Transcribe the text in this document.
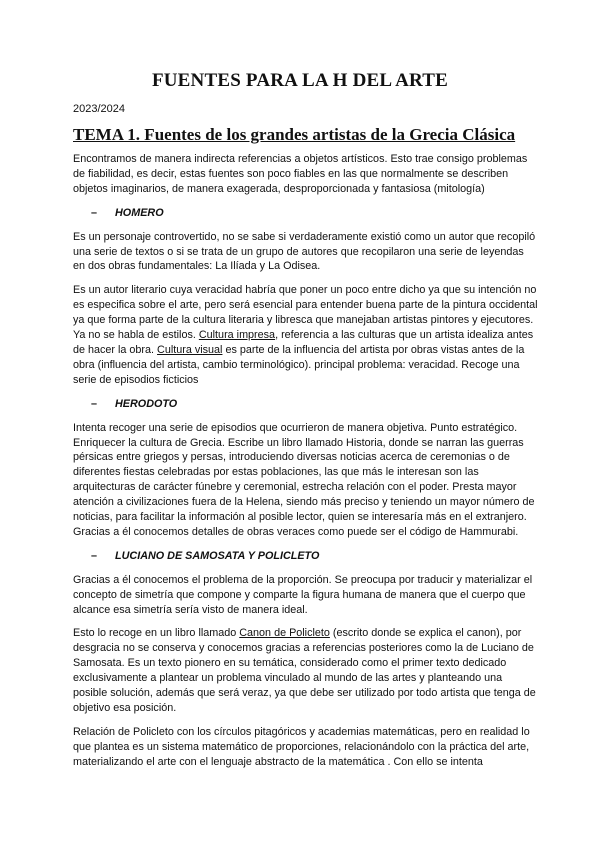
FUENTES PARA LA H DEL ARTE

2023/2024

TEMA 1. Fuentes de los grandes artistas de la Grecia Clásica

Encontramos de manera indirecta referencias a objetos artísticos. Esto trae consigo problemas de fiabilidad, es decir, estas fuentes son poco fiables en las que normalmente se describen objetos imaginarios, de manera exagerada, desproporcionada y fantasiosa (mitología)

–	HOMERO

Es un personaje controvertido, no se sabe si verdaderamente existió como un autor que recopiló una serie de textos o si se trata de un grupo de autores que recopilaron una serie de leyendas en dos obras fundamentales: La Ilíada y La Odisea.

Es un autor literario cuya veracidad habría que poner un poco entre dicho ya que su intención no es especifica sobre el arte, pero será esencial para entender buena parte de la pintura occidental ya que forma parte de la cultura literaria y libresca que manejaban artistas pintores y ejecutores. Ya no se habla de estilos. Cultura impresa, referencia a las culturas que un artista idealiza antes de hacer la obra. Cultura visual es parte de la influencia del artista por obras vistas antes de la obra (influencia del artista, cambio terminológico). principal problema: veracidad. Recoge una serie de episodios ficticios

–	HERODOTO

Intenta recoger una serie de episodios que ocurrieron de manera objetiva. Punto estratégico. Enriquecer la cultura de Grecia. Escribe un libro llamado Historia, donde se narran las guerras pérsicas entre griegos y persas, introduciendo diversas noticias acerca de ceremonias o de diferentes fiestas celebradas por estas poblaciones, las que más le interesan son las arquitecturas de carácter fúnebre y ceremonial, estrecha relación con el poder. Presta mayor atención a civilizaciones fuera de la Helena, siendo más preciso y teniendo un mayor número de noticias, para facilitar la información al posible lector, quien se interesaría más en el extranjero. Gracias a él conocemos detalles de obras veraces como puede ser el código de Hammurabi.

–	LUCIANO DE SAMOSATA Y POLICLETO

Gracias a él conocemos el problema de la proporción. Se preocupa por traducir y materializar el concepto de simetría que compone y comparte la figura humana de manera que el cuerpo que alcance esa simetría sería visto de manera ideal.

Esto lo recoge en un libro llamado Canon de Policleto (escrito donde se explica el canon), por desgracia no se conserva y conocemos gracias a referencias posteriores como la de Luciano de Samosata. Es un texto pionero en su temática, considerado como el primer texto dedicado exclusivamente a plantear un problema vinculado al mundo de las artes y planteando una posible solución, además que será veraz, ya que debe ser utilizado por todo artista que tenga de objetivo esa posición.

Relación de Policleto con los círculos pitagóricos y academias matemáticas, pero en realidad lo que plantea es un sistema matemático de proporciones, relacionándolo con la práctica del arte, materializando el arte con el lenguaje abstracto de la matemática . Con ello se intenta
